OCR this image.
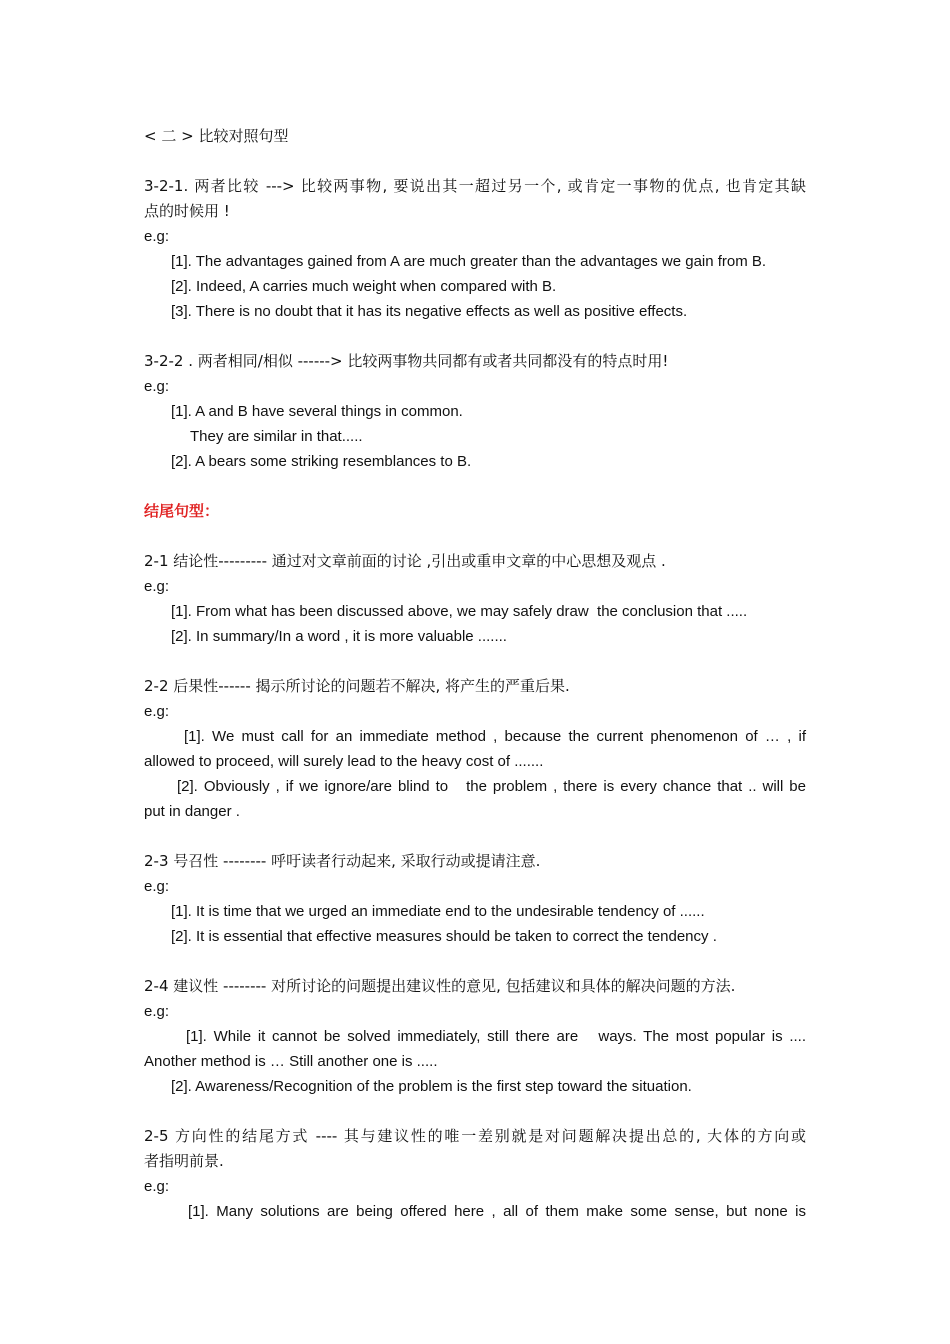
< 二 > 比较对照句型
3-2-1. 两者比较 ---> 比较两事物, 要说出其一超过另一个, 或肯定一事物的优点, 也肯定其缺
点的时候用 !
e.g:
[1]. The advantages gained from A are much greater than the advantages we gain from B.
[2]. Indeed, A carries much weight when compared with B.
[3]. There is no doubt that it has its negative effects as well as positive effects.
3-2-2 . 两者相同/相似 ------> 比较两事物共同都有或者共同都没有的特点时用!
e.g:
[1]. A and B have several things in common.
They are similar in that.....
[2]. A bears some striking resemblances to B.
结尾句型：
2-1 结论性--------- 通过对文章前面的讨论 ,引出或重申文章的中心思想及观点 .
e.g:
[1]. From what has been discussed above, we may safely draw  the conclusion that .....
[2]. In summary/In a word , it is more valuable .......
2-2 后果性------ 揭示所讨论的问题若不解决, 将产生的严重后果.
e.g:
[1]. We must call for an immediate method , because the current phenomenon of … , if
allowed to proceed, will surely lead to the heavy cost of .......
[2]. Obviously , if we ignore/are blind to   the problem , there is every chance that .. will be
put in danger .
2-3 号召性 -------- 呼吁读者行动起来, 采取行动或提请注意.
e.g:
[1]. It is time that we urged an immediate end to the undesirable tendency of ......
[2]. It is essential that effective measures should be taken to correct the tendency .
2-4 建议性 -------- 对所讨论的问题提出建议性的意见, 包括建议和具体的解决问题的方法.
e.g:
[1]. While it cannot be solved immediately, still there are   ways. The most popular is ....
Another method is … Still another one is .....
[2]. Awareness/Recognition of the problem is the first step toward the situation.
2-5 方向性的结尾方式 ---- 其与建议性的唯一差别就是对问题解决提出总的, 大体的方向或
者指明前景.
e.g:
[1]. Many solutions are being offered here , all of them make some sense, but none is
